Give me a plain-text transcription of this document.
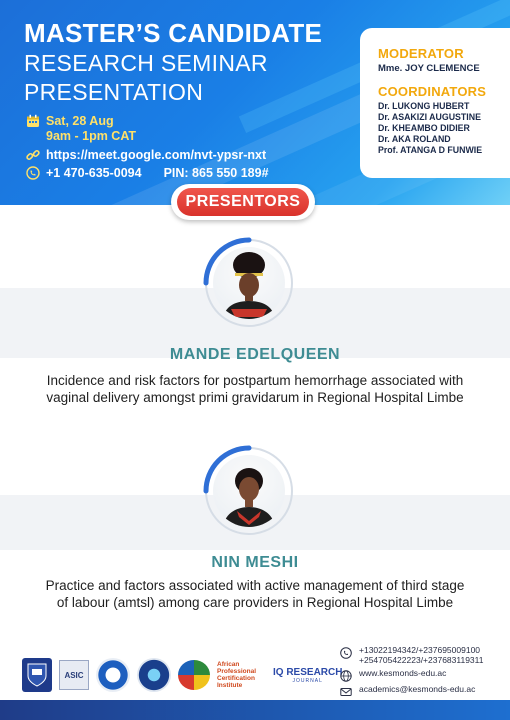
MASTER’S CANDIDATE
RESEARCH SEMINAR
PRESENTATION
Sat, 28 Aug
9am - 1pm CAT
https://meet.google.com/nvt-ypsr-nxt
+1 470-635-0094 PIN: 865 550 189#
MODERATOR
Mme. JOY CLEMENCE
COORDINATORS
Dr. LUKONG HUBERT
Dr. ASAKIZI AUGUSTINE
Dr. KHEAMBO DIDIER
Dr. AKA ROLAND
Prof. ATANGA D FUNWIE
PRESENTORS
MANDE EDELQUEEN
Incidence and risk factors for postpartum hemorrhage associated with vaginal delivery amongst primi gravidarum in Regional Hospital Limbe
NIN MESHI
Practice and factors associated with active management of third stage of labour (amtsl) among care providers in Regional Hospital Limbe
ASIC
African Professional Certification Institute
IQ RESEARCH
JOURNAL
+13022194342/+237695009100
+254705422223/+237683119311
www.kesmonds-edu.ac
academics@kesmonds-edu.ac
